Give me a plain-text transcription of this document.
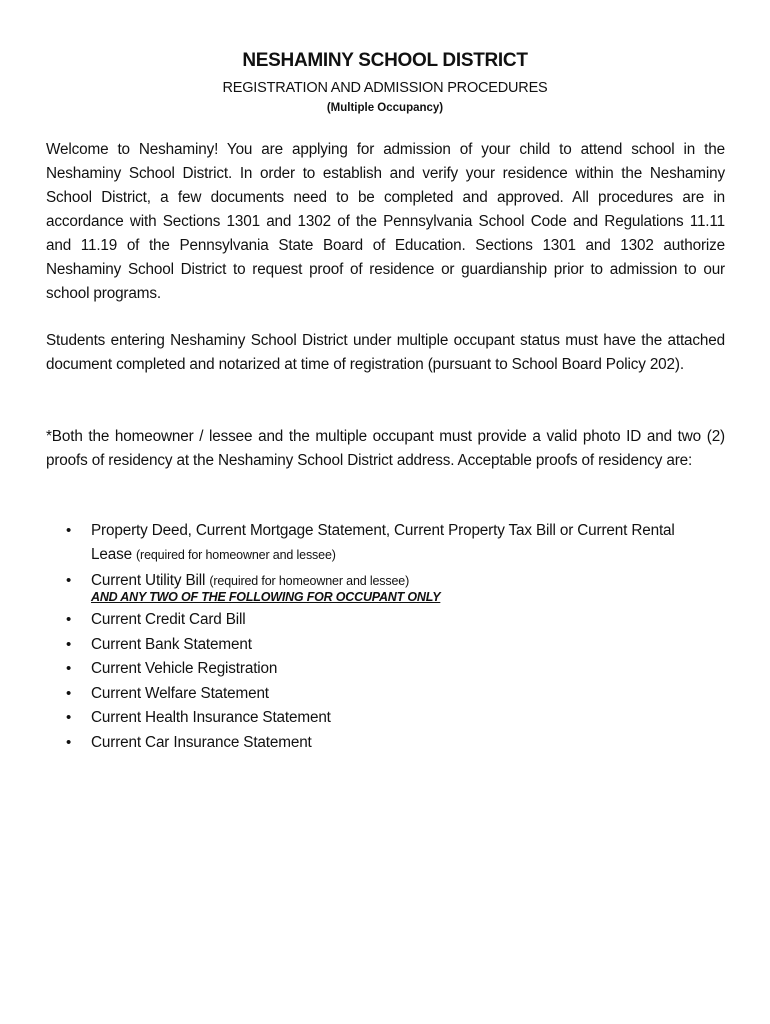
NESHAMINY SCHOOL DISTRICT
REGISTRATION AND ADMISSION PROCEDURES
(Multiple Occupancy)
Welcome to Neshaminy! You are applying for admission of your child to attend school in the Neshaminy School District. In order to establish and verify your residence within the Neshaminy School District, a few documents need to be completed and approved. All procedures are in accordance with Sections 1301 and 1302 of the Pennsylvania School Code and Regulations 11.11 and 11.19 of the Pennsylvania State Board of Education. Sections 1301 and 1302 authorize Neshaminy School District to request proof of residence or guardianship prior to admission to our school programs.
Students entering Neshaminy School District under multiple occupant status must have the attached document completed and notarized at time of registration (pursuant to School Board Policy 202).
*Both the homeowner / lessee and the multiple occupant must provide a valid photo ID and two (2) proofs of residency at the Neshaminy School District address. Acceptable proofs of residency are:
• Property Deed, Current Mortgage Statement, Current Property Tax Bill or Current Rental Lease (required for homeowner and lessee)
• Current Utility Bill (required for homeowner and lessee)
AND ANY TWO OF THE FOLLOWING FOR OCCUPANT ONLY
• Current Credit Card Bill
• Current Bank Statement
• Current Vehicle Registration
• Current Welfare Statement
• Current Health Insurance Statement
• Current Car Insurance Statement
